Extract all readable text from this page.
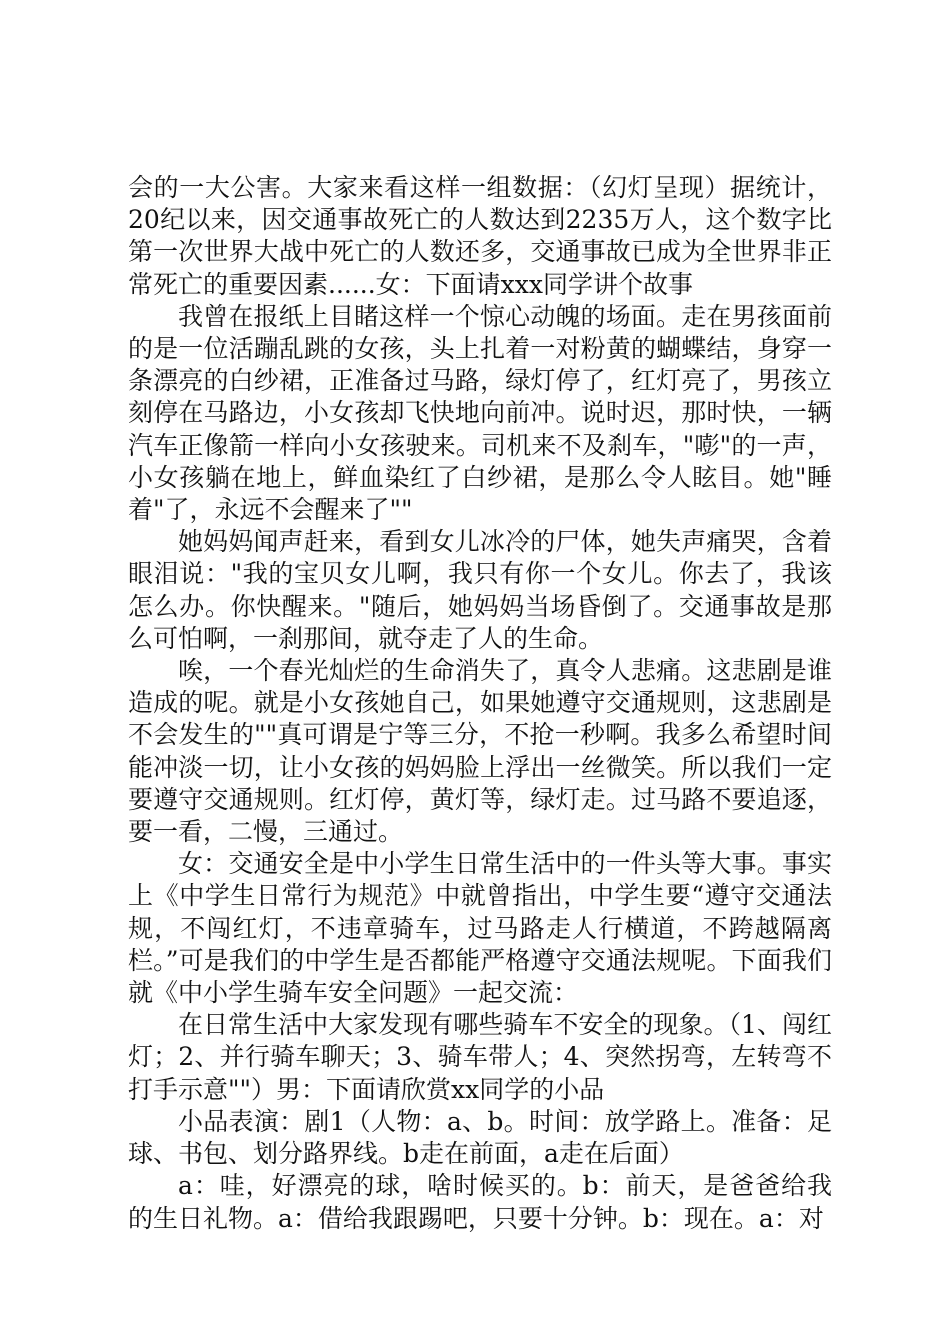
会的一大公害。大家来看这样一组数据：（幻灯呈现）据统计，20纪以来，因交通事故死亡的人数达到2235万人，这个数字比第一次世界大战中死亡的人数还多，交通事故已成为全世界非正常死亡的重要因素......女：下面请xxx同学讲个故事

我曾在报纸上目睹这样一个惊心动魄的场面。走在男孩面前的是一位活蹦乱跳的女孩，头上扎着一对粉黄的蝴蝶结，身穿一条漂亮的白纱裙，正准备过马路，绿灯停了，红灯亮了，男孩立刻停在马路边，小女孩却飞快地向前冲。说时迟，那时快，一辆汽车正像箭一样向小女孩驶来。司机来不及刹车，"嘭"的一声，小女孩躺在地上，鲜血染红了白纱裙，是那么令人眩目。她"睡着"了，永远不会醒来了""

她妈妈闻声赶来，看到女儿冰冷的尸体，她失声痛哭，含着眼泪说："我的宝贝女儿啊，我只有你一个女儿。你去了，我该怎么办。你快醒来。"随后，她妈妈当场昏倒了。交通事故是那么可怕啊，一刹那间，就夺走了人的生命。

唉，一个春光灿烂的生命消失了，真令人悲痛。这悲剧是谁造成的呢。就是小女孩她自己，如果她遵守交通规则，这悲剧是不会发生的""真可谓是宁等三分，不抢一秒啊。我多么希望时间能冲淡一切，让小女孩的妈妈脸上浮出一丝微笑。所以我们一定要遵守交通规则。红灯停，黄灯等，绿灯走。过马路不要追逐，要一看，二慢，三通过。

女：交通安全是中小学生日常生活中的一件头等大事。事实上《中学生日常行为规范》中就曾指出，中学生要“遵守交通法规，不闯红灯，不违章骑车，过马路走人行横道，不跨越隔离栏。”可是我们的中学生是否都能严格遵守交通法规呢。下面我们就《中小学生骑车安全问题》一起交流：

在日常生活中大家发现有哪些骑车不安全的现象。（1、闯红灯；2、并行骑车聊天；3、骑车带人；4、突然拐弯，左转弯不打手示意""）男：下面请欣赏xx同学的小品

小品表演：剧1（人物：a、b。时间：放学路上。准备：足球、书包、划分路界线。b走在前面，a走在后面）

a：哇，好漂亮的球，啥时候买的。b：前天，是爸爸给我的生日礼物。a：借给我跟踢吧，只要十分钟。b：现在。a：对
